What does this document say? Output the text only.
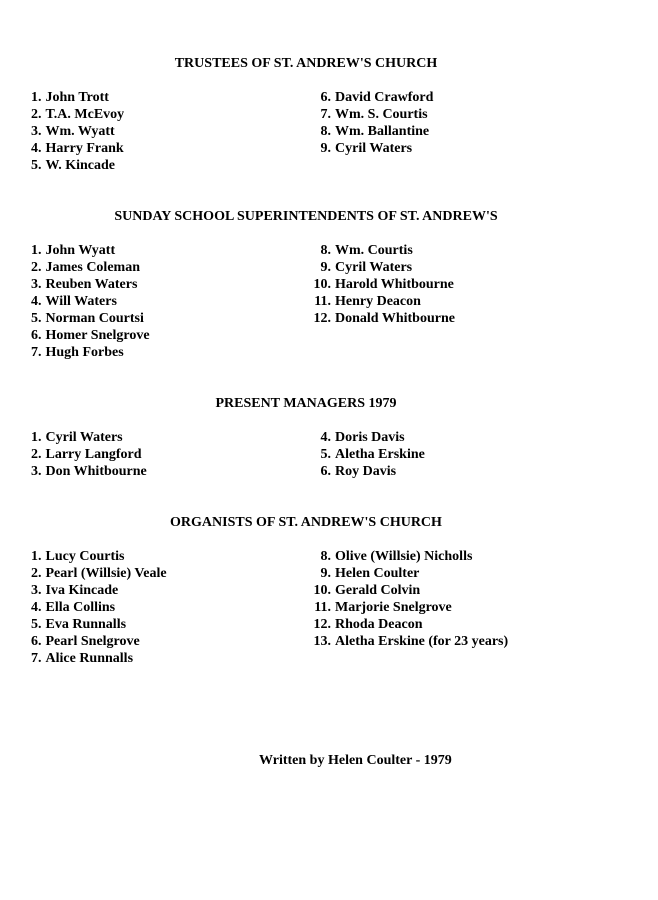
TRUSTEES OF ST. ANDREW'S CHURCH
1. John Trott
2. T.A. McEvoy
3. Wm. Wyatt
4. Harry Frank
5. W. Kincade
6. David Crawford
7. Wm. S. Courtis
8. Wm. Ballantine
9. Cyril Waters
SUNDAY SCHOOL SUPERINTENDENTS OF ST. ANDREW'S
1. John Wyatt
2. James Coleman
3. Reuben Waters
4. Will Waters
5. Norman Courtsi
6. Homer Snelgrove
7. Hugh Forbes
8. Wm. Courtis
9. Cyril Waters
10. Harold Whitbourne
11. Henry Deacon
12. Donald Whitbourne
PRESENT MANAGERS 1979
1. Cyril Waters
2. Larry Langford
3. Don Whitbourne
4. Doris Davis
5. Aletha Erskine
6. Roy Davis
ORGANISTS OF ST. ANDREW'S CHURCH
1. Lucy Courtis
2. Pearl (Willsie) Veale
3. Iva Kincade
4. Ella Collins
5. Eva Runnalls
6. Pearl Snelgrove
7. Alice Runnalls
8. Olive (Willsie) Nicholls
9. Helen Coulter
10. Gerald Colvin
11. Marjorie Snelgrove
12. Rhoda Deacon
13. Aletha Erskine (for 23 years)

Written by Helen Coulter - 1979
